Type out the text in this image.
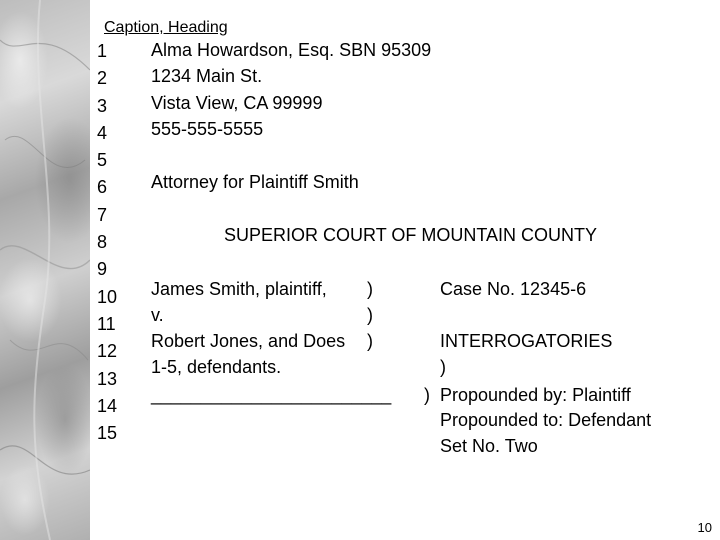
Caption, Heading
1
2
3
4
5
6
7
8
9
10
11
12
13
14
15
Alma Howardson, Esq. SBN 95309
1234 Main St.
Vista View, CA 99999
555-555-5555
Attorney for Plaintiff Smith
SUPERIOR COURT OF MOUNTAIN COUNTY
James Smith, plaintiff,
v.
Robert Jones, and Does
1-5, defendants.
________________________
)
)
)
)
)
Case No. 12345-6
INTERROGATORIES
Propounded by: Plaintiff
Propounded to: Defendant
Set No. Two
10
